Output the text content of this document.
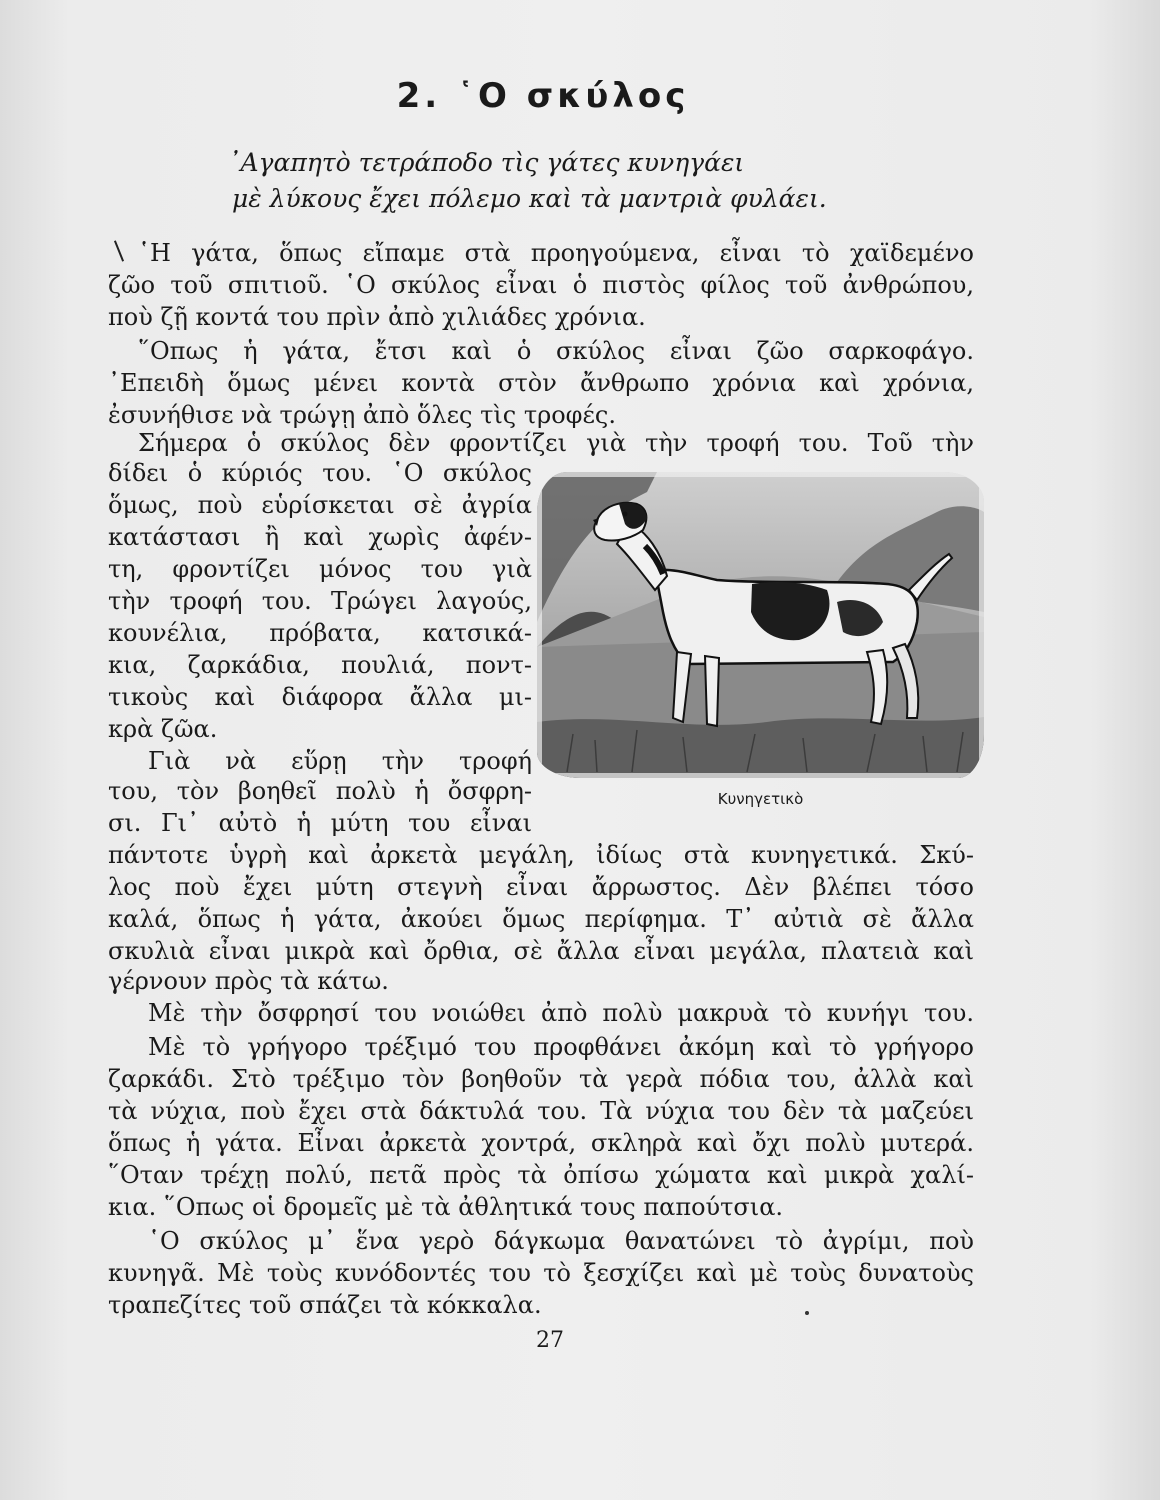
2. ῾Ο σκύλος
᾽Αγαπητὸ τετράποδο τὶς γάτες κυνηγάει
μὲ λύκους ἔχει πόλεμο καὶ τὰ μαντριὰ φυλάει.
῾Η γάτα, ὅπως εἴπαμε στὰ προηγούμενα, εἶναι τὸ χαϊδεμένο
ζῶο τοῦ σπιτιοῦ. ῾Ο σκύλος εἶναι ὁ πιστὸς φίλος τοῦ ἀνθρώπου,
ποὺ ζῇ κοντά του πρὶν ἀπὸ χιλιάδες χρόνια.
῞Οπως ἡ γάτα, ἔτσι καὶ ὁ σκύλος εἶναι ζῶο σαρκοφάγο.
᾽Επειδὴ ὅμως μένει κοντὰ στὸν ἄνθρωπο χρόνια καὶ χρόνια,
ἐσυνήθισε νὰ τρώγῃ ἀπὸ ὅλες τὶς τροφές.
Σήμερα ὁ σκύλος δὲν φροντίζει γιὰ τὴν τροφή του. Τοῦ τὴν
δίδει ὁ κύριός του. ῾Ο σκύλος
ὅμως, ποὺ εὑρίσκεται σὲ ἀγρία
κατάστασι ἢ καὶ χωρὶς ἀφέν-
τη, φροντίζει μόνος του γιὰ
τὴν τροφή του. Τρώγει λαγούς,
κουνέλια, πρόβατα, κατσικά-
κια, ζαρκάδια, πουλιά, ποντ-
τικοὺς καὶ διάφορα ἄλλα μι-
κρὰ ζῶα.
Γιὰ νὰ εὕρῃ τὴν τροφή
του, τὸν βοηθεῖ πολὺ ἡ ὄσφρη-
σι. Γι᾽ αὐτὸ ἡ μύτη του εἶναι
πάντοτε ὑγρὴ καὶ ἀρκετὰ μεγάλη, ἰδίως στὰ κυνηγετικά. Σκύ-
λος ποὺ ἔχει μύτη στεγνὴ εἶναι ἄρρωστος. Δὲν βλέπει τόσο
καλά, ὅπως ἡ γάτα, ἀκούει ὅμως περίφημα. Τ᾽ αὐτιὰ σὲ ἄλλα
σκυλιὰ εἶναι μικρὰ καὶ ὄρθια, σὲ ἄλλα εἶναι μεγάλα, πλατειὰ καὶ
γέρνουν πρὸς τὰ κάτω.
Μὲ τὴν ὄσφρησί του νοιώθει ἀπὸ πολὺ μακρυὰ τὸ κυνήγι του.
Μὲ τὸ γρήγορο τρέξιμό του προφθάνει ἀκόμη καὶ τὸ γρήγορο
ζαρκάδι. Στὸ τρέξιμο τὸν βοηθοῦν τὰ γερὰ πόδια του, ἀλλὰ καὶ
τὰ νύχια, ποὺ ἔχει στὰ δάκτυλά του. Τὰ νύχια του δὲν τὰ μαζεύει
ὅπως ἡ γάτα. Εἶναι ἀρκετὰ χοντρά, σκληρὰ καὶ ὄχι πολὺ μυτερά.
῞Οταν τρέχῃ πολύ, πετᾶ πρὸς τὰ ὀπίσω χώματα καὶ μικρὰ χαλί-
κια. ῞Οπως οἱ δρομεῖς μὲ τὰ ἀθλητικά τους παπούτσια.
῾Ο σκύλος μ᾽ ἕνα γερὸ δάγκωμα θανατώνει τὸ ἀγρίμι, ποὺ
κυνηγᾶ. Μὲ τοὺς κυνόδοντές του τὸ ξεσχίζει καὶ μὲ τοὺς δυνατοὺς
τραπεζίτες τοῦ σπάζει τὰ κόκκαλα.
Κυνηγετικὸ
27
